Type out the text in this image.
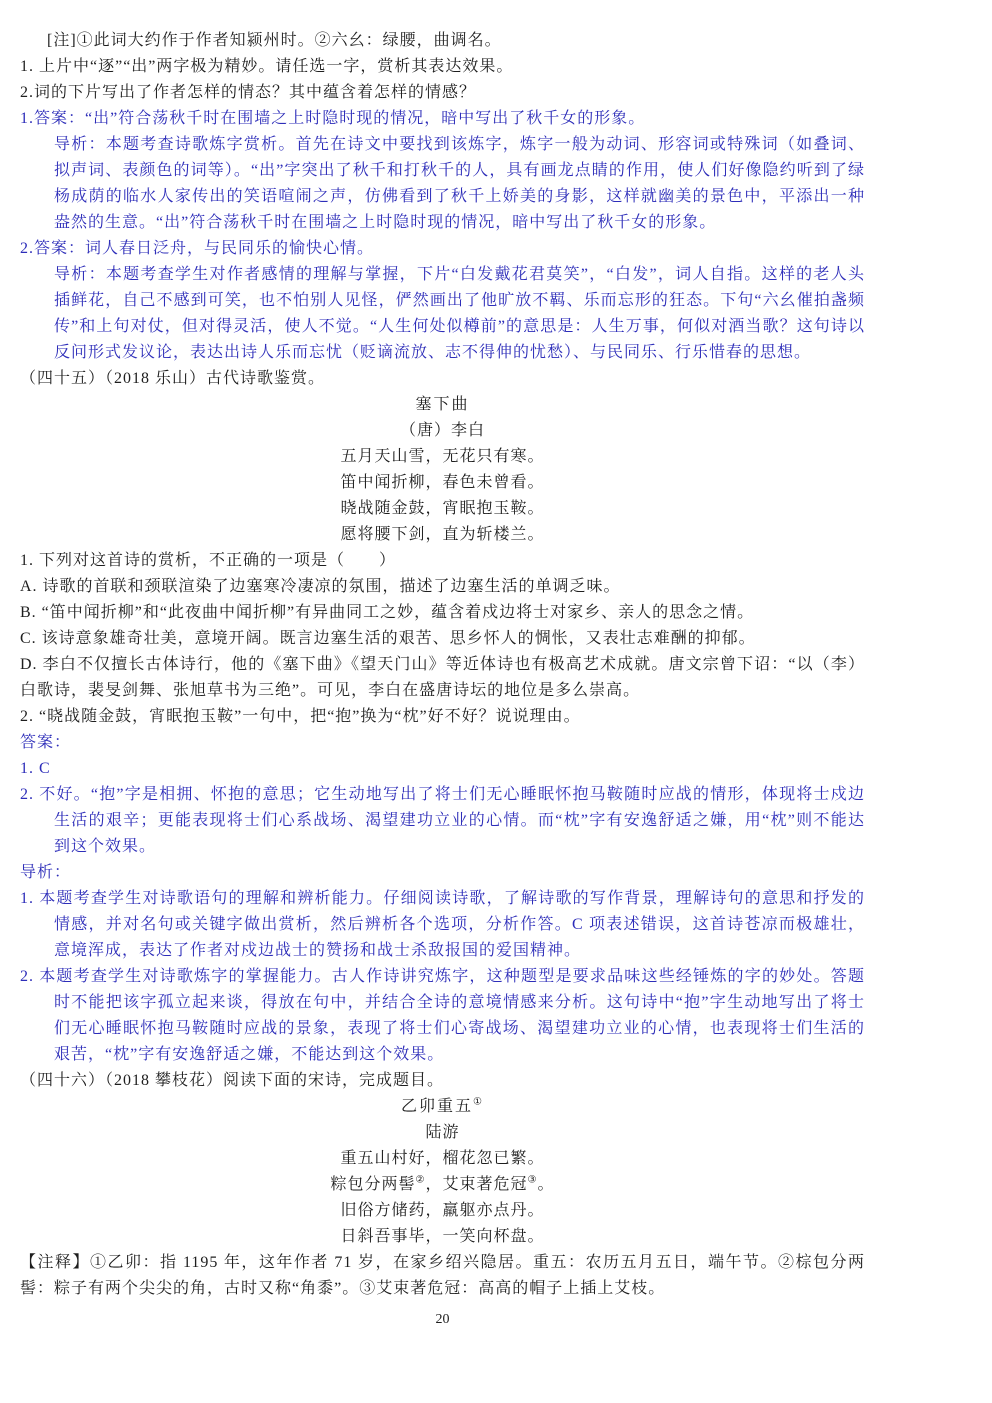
[注]①此词大约作于作者知颍州时。②六幺：绿腰，曲调名。

1. 上片中“逐”“出”两字极为精妙。请任选一字，赏析其表达效果。

2.词的下片写出了作者怎样的情态？其中蕴含着怎样的情感？

1.答案：“出”符合荡秋千时在围墙之上时隐时现的情况，暗中写出了秋千女的形象。

导析：本题考查诗歌炼字赏析。首先在诗文中要找到该炼字，炼字一般为动词、形容词或特殊词（如叠词、拟声词、表颜色的词等）。“出”字突出了秋千和打秋千的人，具有画龙点睛的作用，使人们好像隐约听到了绿杨成荫的临水人家传出的笑语喧闹之声，仿佛看到了秋千上娇美的身影，这样就幽美的景色中，平添出一种盎然的生意。“出”符合荡秋千时在围墙之上时隐时现的情况，暗中写出了秋千女的形象。

2.答案：词人春日泛舟，与民同乐的愉快心情。

导析：本题考查学生对作者感情的理解与掌握，下片“白发戴花君莫笑”，“白发”，词人自指。这样的老人头插鲜花，自己不感到可笑，也不怕别人见怪，俨然画出了他旷放不羁、乐而忘形的狂态。下句“六幺催拍盏频传”和上句对仗，但对得灵活，使人不觉。“人生何处似樽前”的意思是：人生万事，何似对酒当歌？这句诗以反问形式发议论，表达出诗人乐而忘忧（贬谪流放、志不得伸的忧愁）、与民同乐、行乐惜春的思想。

（四十五）（2018 乐山）古代诗歌鉴赏。

塞下曲

（唐）李白

五月天山雪，无花只有寒。

笛中闻折柳，春色未曾看。

晓战随金鼓，宵眠抱玉鞍。

愿将腰下剑，直为斩楼兰。

1. 下列对这首诗的赏析，不正确的一项是（　　）

A. 诗歌的首联和颈联渲染了边塞寒冷凄凉的氛围，描述了边塞生活的单调乏味。

B. “笛中闻折柳”和“此夜曲中闻折柳”有异曲同工之妙，蕴含着戍边将士对家乡、亲人的思念之情。

C. 该诗意象雄奇壮美，意境开阔。既言边塞生活的艰苦、思乡怀人的惆怅，又表壮志难酬的抑郁。

D. 李白不仅擅长古体诗行，他的《塞下曲》《望天门山》等近体诗也有极高艺术成就。唐文宗曾下诏：“以（李）白歌诗，裴旻剑舞、张旭草书为三绝”。可见，李白在盛唐诗坛的地位是多么崇高。

2. “晓战随金鼓，宵眠抱玉鞍”一句中，把“抱”换为“枕”好不好？说说理由。

答案：

1. C

2. 不好。“抱”字是相拥、怀抱的意思；它生动地写出了将士们无心睡眠怀抱马鞍随时应战的情形，体现将士戍边生活的艰辛；更能表现将士们心系战场、渴望建功立业的心情。而“枕”字有安逸舒适之嫌，用“枕”则不能达到这个效果。

导析：

1. 本题考查学生对诗歌语句的理解和辨析能力。仔细阅读诗歌，了解诗歌的写作背景，理解诗句的意思和抒发的情感，并对名句或关键字做出赏析，然后辨析各个选项，分析作答。C 项表述错误，这首诗苍凉而极雄壮，意境浑成，表达了作者对戍边战士的赞扬和战士杀敌报国的爱国精神。

2. 本题考查学生对诗歌炼字的掌握能力。古人作诗讲究炼字，这种题型是要求品味这些经锤炼的字的妙处。答题时不能把该字孤立起来谈，得放在句中，并结合全诗的意境情感来分析。这句诗中“抱”字生动地写出了将士们无心睡眠怀抱马鞍随时应战的景象，表现了将士们心寄战场、渴望建功立业的心情，也表现将士们生活的艰苦，“枕”字有安逸舒适之嫌，不能达到这个效果。

（四十六）（2018 攀枝花）阅读下面的宋诗，完成题目。

乙卯重五①

陆游

重五山村好，榴花忽已繁。

粽包分两髻②，艾束著危冠③。

旧俗方储药，羸躯亦点丹。

日斜吾事毕，一笑向杯盘。

【注释】①乙卯：指 1195 年，这年作者 71 岁，在家乡绍兴隐居。重五：农历五月五日，端午节。②棕包分两髻：粽子有两个尖尖的角，古时又称“角黍”。③艾束著危冠：高高的帽子上插上艾枝。

20
